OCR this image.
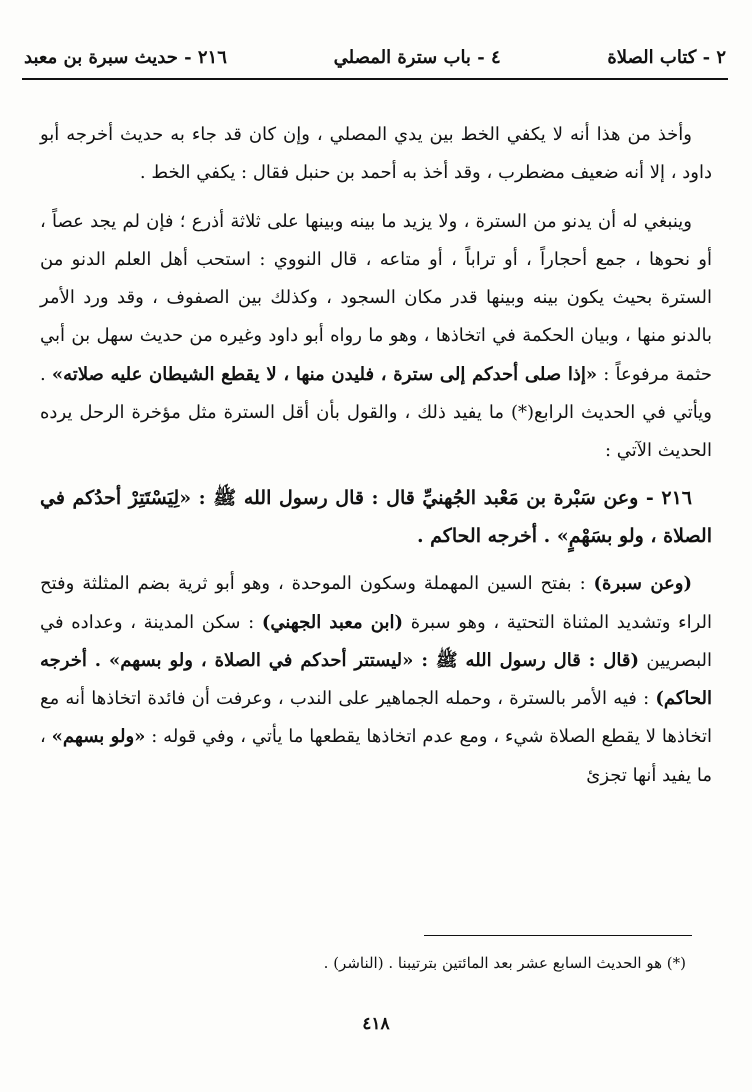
٢ - كتاب الصلاة
٤ - باب سترة المصلي
٢١٦ - حديث سبرة بن معبد

وأخذ من هذا أنه لا يكفي الخط بين يدي المصلي ، وإن كان قد جاء به حديث أخرجه أبو داود ، إلا أنه ضعيف مضطرب ، وقد أخذ به أحمد بن حنبل فقال : يكفي الخط .

وينبغي له أن يدنو من السترة ، ولا يزيد ما بينه وبينها على ثلاثة أذرع ؛ فإن لم يجد عصاً ، أو نحوها ، جمع أحجاراً ، أو تراباً ، أو متاعه ، قال النووي : استحب أهل العلم الدنو من السترة بحيث يكون بينه وبينها قدر مكان السجود ، وكذلك بين الصفوف ، وقد ورد الأمر بالدنو منها ، وبيان الحكمة في اتخاذها ، وهو ما رواه أبو داود وغيره من حديث سهل بن أبي حثمة مرفوعاً : «إذا صلى أحدكم إلى سترة ، فليدن منها ، لا يقطع الشيطان عليه صلاته» . ويأتي في الحديث الرابع(*) ما يفيد ذلك ، والقول بأن أقل السترة مثل مؤخرة الرحل يرده الحديث الآتي :

٢١٦ - وعن سَبْرة بن مَعْبد الجُهنيِّ قال : قال رسول الله ﷺ : «لِيَسْتَتِرْ أحدُكم في الصلاة ، ولو بسَهْمٍ» . أخرجه الحاكم .

(وعن سبرة) : بفتح السين المهملة وسكون الموحدة ، وهو أبو ثرية بضم المثلثة وفتح الراء وتشديد المثناة التحتية ، وهو سبرة (ابن معبد الجهني) : سكن المدينة ، وعداده في البصريين (قال : قال رسول الله ﷺ : «ليستتر أحدكم في الصلاة ، ولو بسهم» . أخرجه الحاكم) : فيه الأمر بالسترة ، وحمله الجماهير على الندب ، وعرفت أن فائدة اتخاذها أنه مع اتخاذها لا يقطع الصلاة شيء ، ومع عدم اتخاذها يقطعها ما يأتي ، وفي قوله : «ولو بسهم» ، ما يفيد أنها تجزئ

(*) هو الحديث السابع عشر بعد المائتين بترتيبنا . (الناشر) .
٤١٨
